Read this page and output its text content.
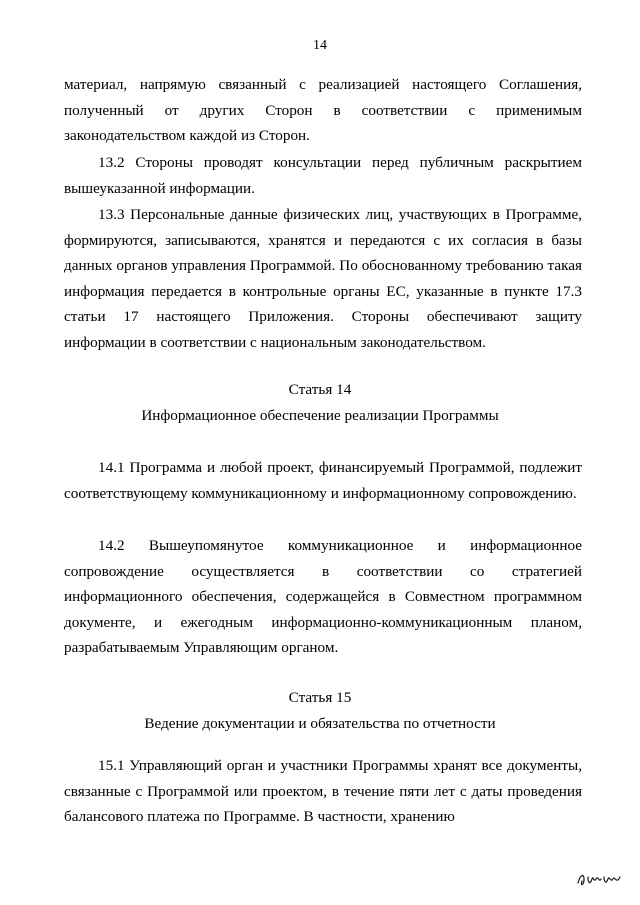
14

материал, напрямую связанный с реализацией настоящего Соглашения, полученный от других Сторон в соответствии с применимым законодательством каждой из Сторон.

13.2 Стороны проводят консультации перед публичным раскрытием вышеуказанной информации.

13.3 Персональные данные физических лиц, участвующих в Программе, формируются, записываются, хранятся и передаются с их согласия в базы данных органов управления Программой. По обоснованному требованию такая информация передается в контрольные органы ЕС, указанные в пункте 17.3 статьи 17 настоящего Приложения. Стороны обеспечивают защиту информации в соответствии с национальным законодательством.

Статья 14

Информационное обеспечение реализации Программы

14.1 Программа и любой проект, финансируемый Программой, подлежит соответствующему коммуникационному и информационному сопровождению.

14.2 Вышеупомянутое коммуникационное и информационное сопровождение осуществляется в соответствии со стратегией информационного обеспечения, содержащейся в Совместном программном документе, и ежегодным информационно-коммуникационным планом, разрабатываемым Управляющим органом.

Статья 15

Ведение документации и обязательства по отчетности

15.1 Управляющий орган и участники Программы хранят все документы, связанные с Программой или проектом, в течение пяти лет с даты проведения балансового платежа по Программе. В частности, хранению
